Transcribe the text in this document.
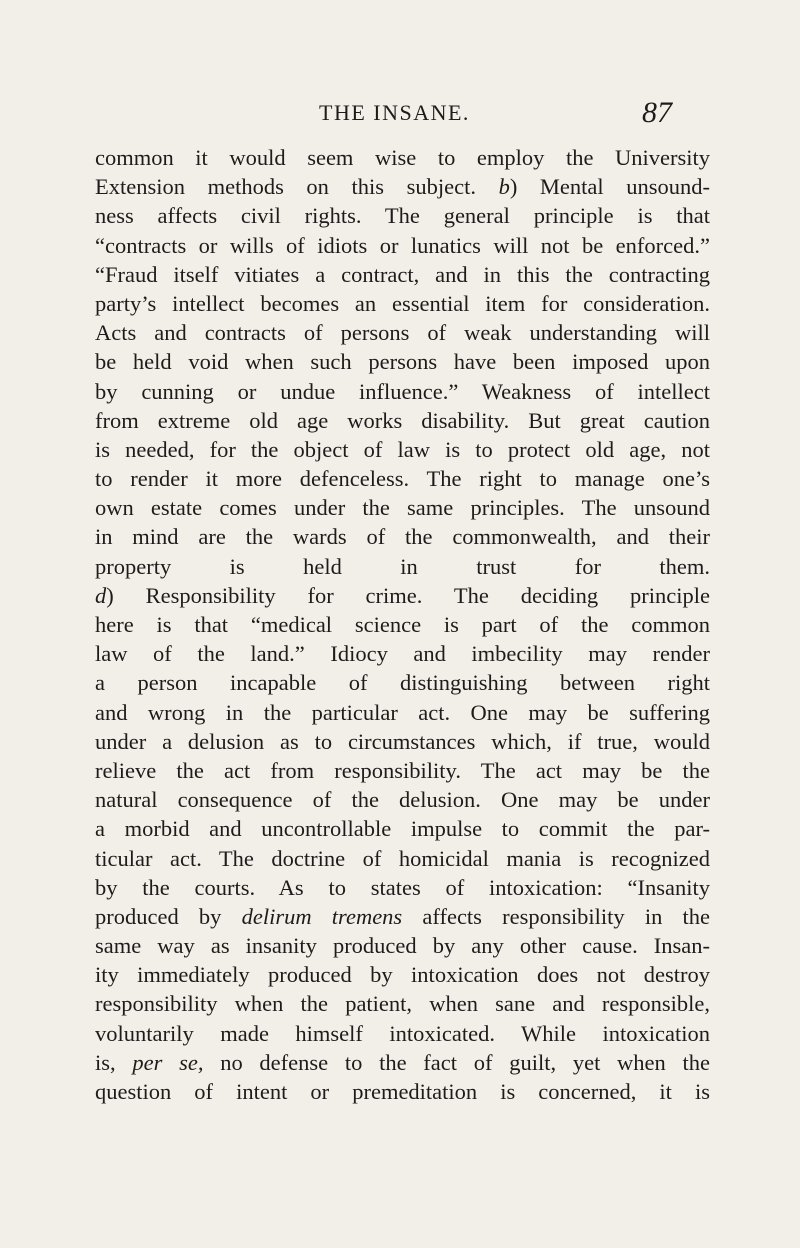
THE INSANE.	87
common it would seem wise to employ the University
Extension methods on this subject. b) Mental unsound-
ness affects civil rights. The general principle is that
“contracts or wills of idiots or lunatics will not be enforced.”
“Fraud itself vitiates a contract, and in this the contracting
party’s intellect becomes an essential item for consideration.
Acts and contracts of persons of weak understanding will
be held void when such persons have been imposed upon
by cunning or undue influence.” Weakness of intellect
from extreme old age works disability. But great caution
is needed, for the object of law is to protect old age, not
to render it more defenceless. The right to manage one’s
own estate comes under the same principles. The unsound
in mind are the wards of the commonwealth, and their
property is held in trust for them.
d) Responsibility for crime. The deciding principle
here is that “medical science is part of the common
law of the land.” Idiocy and imbecility may render
a person incapable of distinguishing between right
and wrong in the particular act. One may be suffering
under a delusion as to circumstances which, if true, would
relieve the act from responsibility. The act may be the
natural consequence of the delusion. One may be under
a morbid and uncontrollable impulse to commit the par-
ticular act. The doctrine of homicidal mania is recognized
by the courts. As to states of intoxication: “Insanity
produced by delirum tremens affects responsibility in the
same way as insanity produced by any other cause. Insan-
ity immediately produced by intoxication does not destroy
responsibility when the patient, when sane and responsible,
voluntarily made himself intoxicated. While intoxication
is, per se, no defense to the fact of guilt, yet when the
question of intent or premeditation is concerned, it is
